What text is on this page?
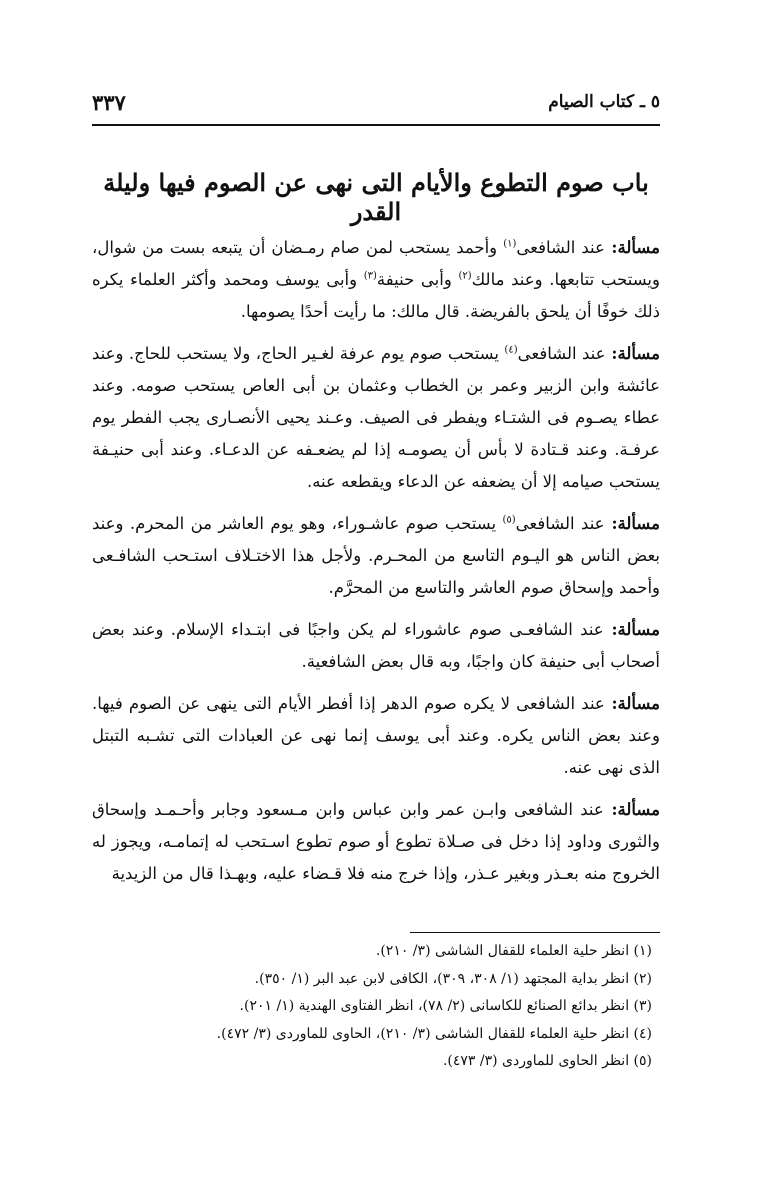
٥ ـ كتاب الصيام
٣٣٧
باب صوم التطوع والأيام التى نهى عن الصوم فيها وليلة القدر

مسألة:عند الشافعى$^{(١)}$ وأحمد يستحب لمن صام رمـضان أن يتبعه بست من شوال، ويستحب تتابعها. وعند مالك$^{(٢)}$ وأبى حنيفة$^{(٣)}$ وأبى يوسف ومحمد وأكثر العلماء يكره ذلك خوفًا أن يلحق بالفريضة. قال مالك: ما رأيت أحدًا يصومها.

مسألة:عند الشافعى$^{(٤)}$ يستحب صوم يوم عرفة لغـير الحاج، ولا يستحب للحاج. وعند عائشة وابن الزبير وعمر بن الخطاب وعثمان بن أبى العاص يستحب صومه. وعند عطاء يصـوم فى الشتـاء ويفطر فى الصيف. وعـند يحيى الأنصـارى يجب الفطر يوم عرفـة. وعند قـتادة لا بأس أن يصومـه إذا لم يضعـفه عن الدعـاء. وعند أبى حنيـفة يستحب صيامه إلا أن يضعفه عن الدعاء ويقطعه عنه.

مسألة:عند الشافعى$^{(٥)}$ يستحب صوم عاشـوراء، وهو يوم العاشر من المحرم. وعند بعض الناس هو اليـوم التاسع من المحـرم. ولأجل هذا الاختـلاف استـحب الشافـعى وأحمد وإسحاق صوم العاشر والتاسع من المحرَّم.

مسألة:عند الشافعـى صوم عاشوراء لم يكن واجبًا فى ابتـداء الإسلام. وعند بعض أصحاب أبى حنيفة كان واجبًا، وبه قال بعض الشافعية.

مسألة:عند الشافعى لا يكره صوم الدهر إذا أفطر الأيام التى ينهى عن الصوم فيها. وعند بعض الناس يكره. وعند أبى يوسف إنما نهى عن العبادات التى تشـبه التبتل الذى نهى عنه.

مسألة:عند الشافعى وابـن عمر وابن عباس وابن مـسعود وجابر وأحـمـد وإسحاق والثورى وداود إذا دخل فى صـلاة تطوع أو صوم تطوع اسـتحب له إتمامـه، ويجوز له الخروج منه بعـذر وبغير عـذر، وإذا خرج منه فلا قـضاء عليه، وبهـذا قال من الزيدية

(١) انظر حلية العلماء للقفال الشاشى (٣/ ٢١٠).
(٢) انظر بداية المجتهد (١/ ٣٠٨، ٣٠٩)، الكافى لابن عبد البر (١/ ٣٥٠).
(٣) انظر بدائع الصنائع للكاسانى (٢/ ٧٨)، انظر الفتاوى الهندية (١/ ٢٠١).
(٤) انظر حلية العلماء للقفال الشاشى (٣/ ٢١٠)، الحاوى للماوردى (٣/ ٤٧٢).
(٥) انظر الحاوى للماوردى (٣/ ٤٧٣).
